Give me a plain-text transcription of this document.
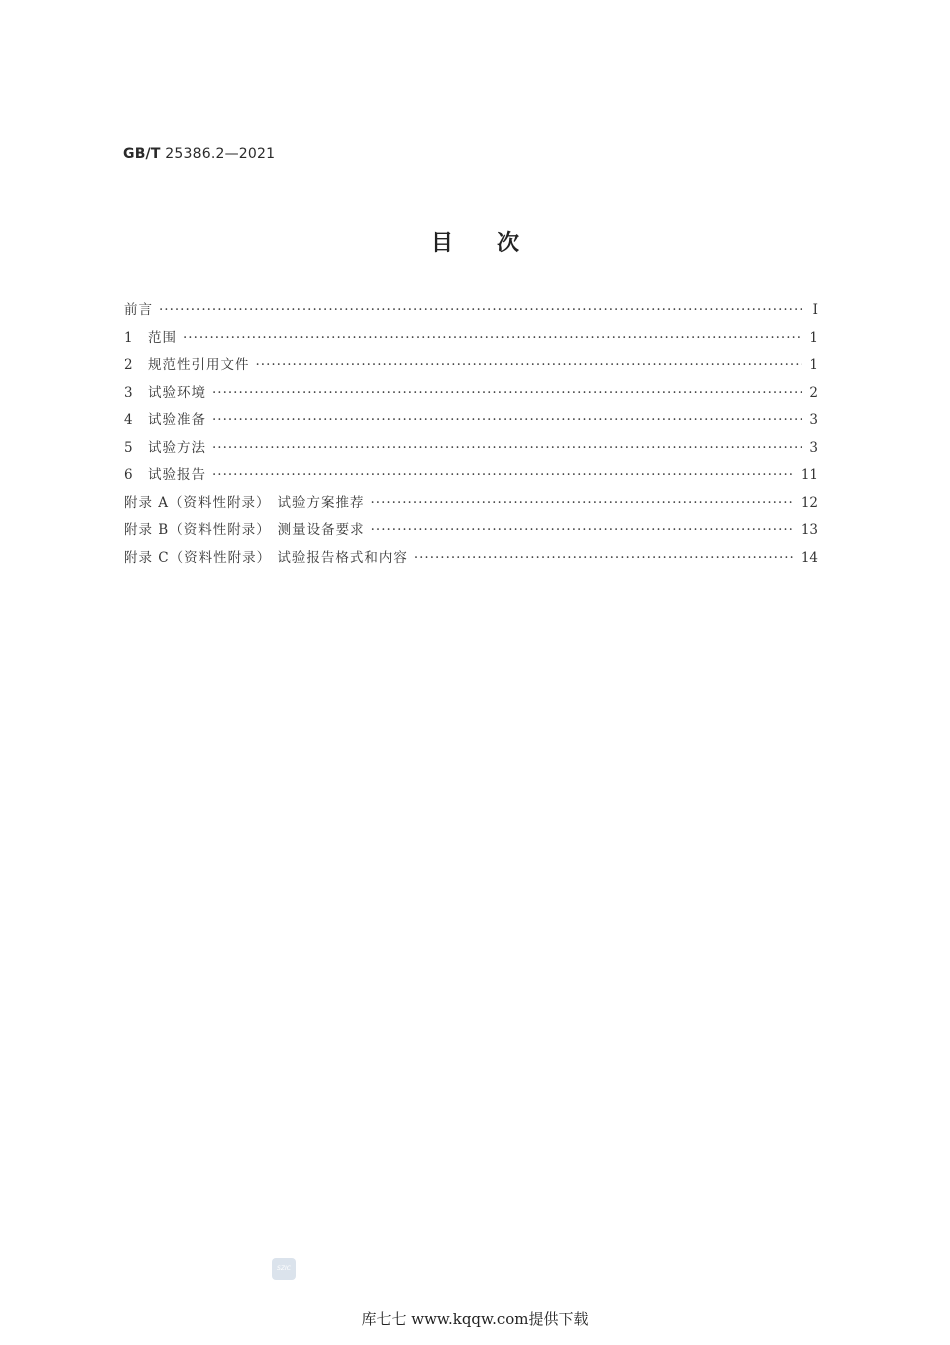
GB/T 25386.2—2021
目次
前言 ·····	I
1	范围 ·····	1
2	规范性引用文件 ·····	1
3	试验环境 ·····	2
4	试验准备 ·····	3
5	试验方法 ·····	3
6	试验报告 ·····	11
附录 A（资料性附录） 试验方案推荐 ·····	12
附录 B（资料性附录） 测量设备要求 ·····	13
附录 C（资料性附录） 试验报告格式和内容 ·····	14
SZIC
库七七 www.kqqw.com提供下载
